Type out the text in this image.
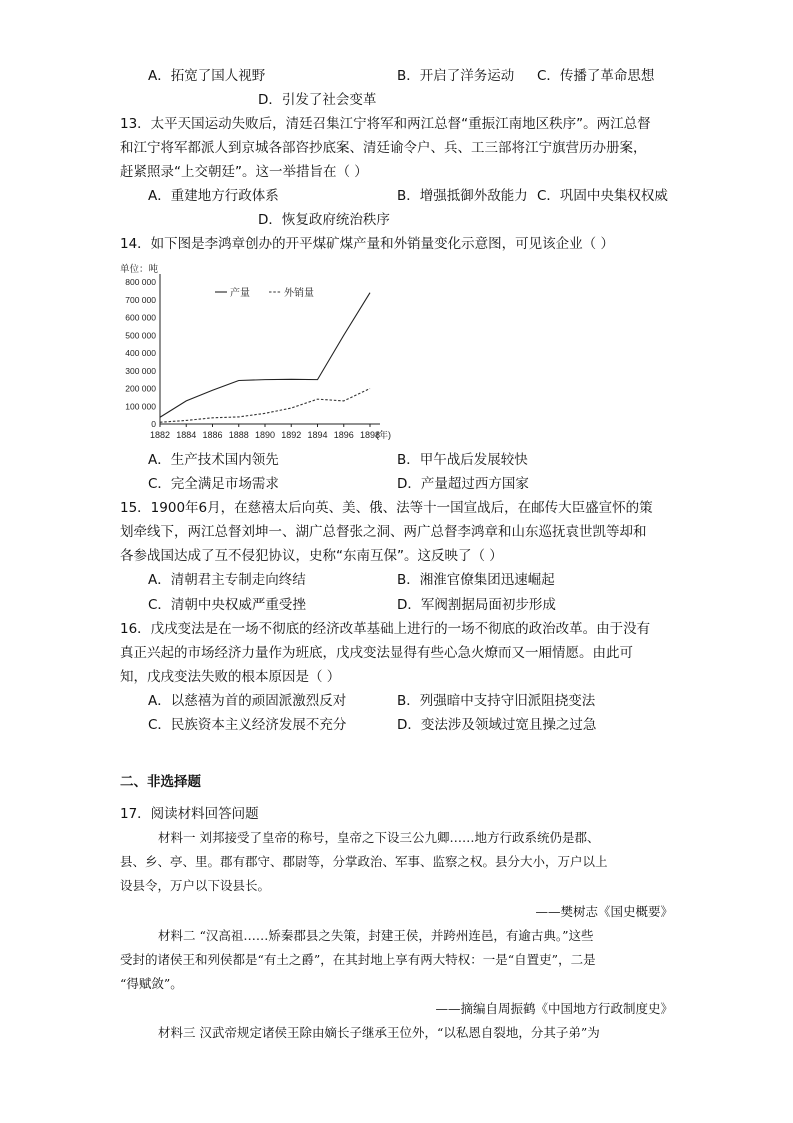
A．拓宽了国人视野	B．开启了洋务运动 C．传播了革命思想
D．引发了社会变革
13．太平天国运动失败后，清廷召集江宁将军和两江总督“重振江南地区秩序”。两江总督
和江宁将军都派人到京城各部咨抄底案、清廷谕令户、兵、工三部将江宁旗营历办册案，
赶紧照录“上交朝廷”。这一举措旨在（ ）
A．重建地方行政体系	B．增强抵御外敌能力 C．巩固中央集权权威
D．恢复政府统治秩序
14．如下图是李鸿章创办的开平煤矿煤产量和外销量变化示意图，可见该企业（ ）
单位：吨
0
100 000
200 000
300 000
400 000
500 000
600 000
700 000
800 000
1882 1884 1886 1888 1890 1892 1894 1896 1898
(年)
产量	外销量
A．生产技术国内领先	B．甲午战后发展较快
C．完全满足市场需求	D．产量超过西方国家
15．1900年6月，在慈禧太后向英、美、俄、法等十一国宣战后，在邮传大臣盛宣怀的策
划牵线下，两江总督刘坤一、湖广总督张之洞、两广总督李鸿章和山东巡抚袁世凯等却和
各参战国达成了互不侵犯协议，史称“东南互保”。这反映了（ ）
A．清朝君主专制走向终结	B．湘淮官僚集团迅速崛起
C．清朝中央权威严重受挫	D．军阀割据局面初步形成
16．戊戌变法是在一场不彻底的经济改革基础上进行的一场不彻底的政治改革。由于没有
真正兴起的市场经济力量作为班底，戊戌变法显得有些心急火燎而又一厢情愿。由此可
知，戊戌变法失败的根本原因是（ ）
A．以慈禧为首的顽固派激烈反对	B．列强暗中支持守旧派阻挠变法
C．民族资本主义经济发展不充分	D．变法涉及领域过宽且操之过急
二、非选择题
17．阅读材料回答问题
材料一 刘邦接受了皇帝的称号，皇帝之下设三公九卿……地方行政系统仍是郡、
县、乡、亭、里。郡有郡守、郡尉等，分掌政治、军事、监察之权。县分大小，万户以上
设县令，万户以下设县长。
——樊树志《国史概要》
材料二 “汉高祖……矫秦郡县之失策，封建王侯，并跨州连邑，有逾古典。”这些
受封的诸侯王和列侯都是“有土之爵”，在其封地上享有两大特权：一是“自置吏”，二是
“得赋敛”。
——摘编自周振鹤《中国地方行政制度史》
材料三 汉武帝规定诸侯王除由嫡长子继承王位外，“以私恩自裂地，分其子弟”为
